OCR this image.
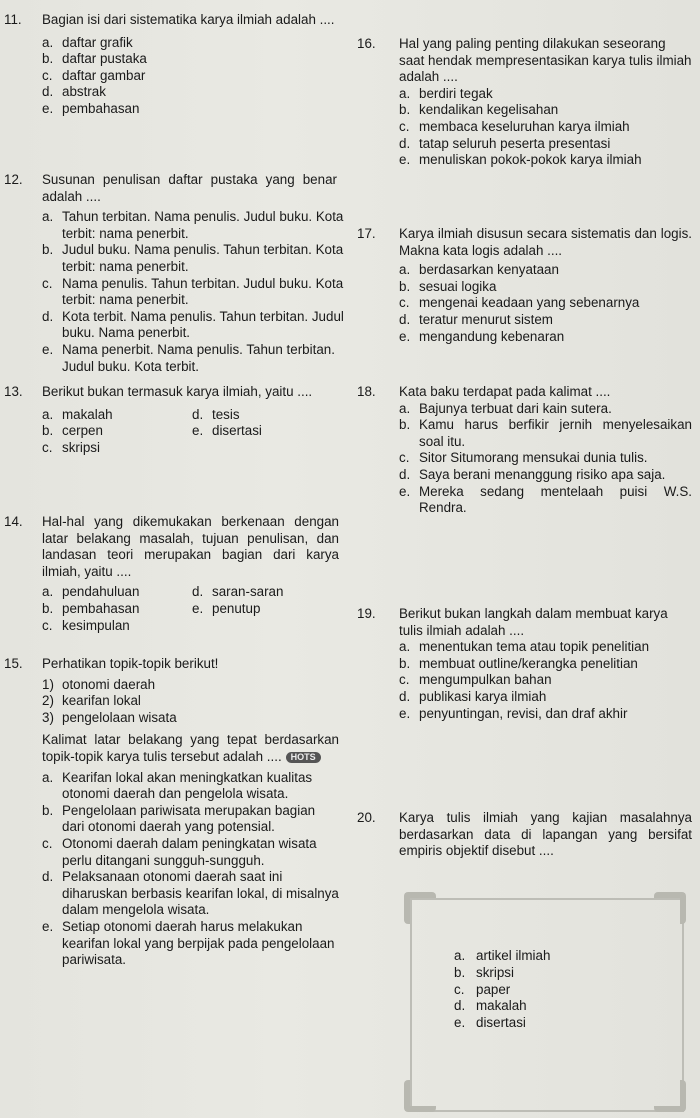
11. Bagian isi dari sistematika karya ilmiah adalah ....
a. daftar grafik
b. daftar pustaka
c. daftar gambar
d. abstrak
e. pembahasan
12. Susunan penulisan daftar pustaka yang benar adalah ....
a. Tahun terbitan. Nama penulis. Judul buku. Kota terbit: nama penerbit.
b. Judul buku. Nama penulis. Tahun terbitan. Kota terbit: nama penerbit.
c. Nama penulis. Tahun terbitan. Judul buku. Kota terbit: nama penerbit.
d. Kota terbit. Nama penulis. Tahun terbitan. Judul buku. Nama penerbit.
e. Nama penerbit. Nama penulis. Tahun terbitan. Judul buku. Kota terbit.
13. Berikut bukan termasuk karya ilmiah, yaitu ....
a. makalah	d. tesis
b. cerpen	e. disertasi
c. skripsi
14. Hal-hal yang dikemukakan berkenaan dengan latar belakang masalah, tujuan penulisan, dan landasan teori merupakan bagian dari karya ilmiah, yaitu ....
a. pendahuluan	d. saran-saran
b. pembahasan	e. penutup
c. kesimpulan
15. Perhatikan topik-topik berikut!
1) otonomi daerah
2) kearifan lokal
3) pengelolaan wisata
Kalimat latar belakang yang tepat berdasarkan topik-topik karya tulis tersebut adalah .... HOTS
a. Kearifan lokal akan meningkatkan kualitas otonomi daerah dan pengelola wisata.
b. Pengelolaan pariwisata merupakan bagian dari otonomi daerah yang potensial.
c. Otonomi daerah dalam peningkatan wisata perlu ditangani sungguh-sungguh.
d. Pelaksanaan otonomi daerah saat ini diharuskan berbasis kearifan lokal, di misalnya dalam mengelola wisata.
e. Setiap otonomi daerah harus melakukan kearifan lokal yang berpijak pada pengelolaan pariwisata.
16. Hal yang paling penting dilakukan seseorang saat hendak mempresentasikan karya tulis ilmiah adalah ....
a. berdiri tegak
b. kendalikan kegelisahan
c. membaca keseluruhan karya ilmiah
d. tatap seluruh peserta presentasi
e. menuliskan pokok-pokok karya ilmiah
17. Karya ilmiah disusun secara sistematis dan logis. Makna kata logis adalah ....
a. berdasarkan kenyataan
b. sesuai logika
c. mengenai keadaan yang sebenarnya
d. teratur menurut sistem
e. mengandung kebenaran
18. Kata baku terdapat pada kalimat ....
a. Bajunya terbuat dari kain sutera.
b. Kamu harus berfikir jernih menyelesaikan soal itu.
c. Sitor Situmorang mensukai dunia tulis.
d. Saya berani menanggung risiko apa saja.
e. Mereka sedang mentelaah puisi W.S. Rendra.
19. Berikut bukan langkah dalam membuat karya tulis ilmiah adalah ....
a. menentukan tema atau topik penelitian
b. membuat outline/kerangka penelitian
c. mengumpulkan bahan
d. publikasi karya ilmiah
e. penyuntingan, revisi, dan draf akhir
20. Karya tulis ilmiah yang kajian masalahnya berdasarkan data di lapangan yang bersifat empiris objektif disebut ....
a. artikel ilmiah
b. skripsi
c. paper
d. makalah
e. disertasi
